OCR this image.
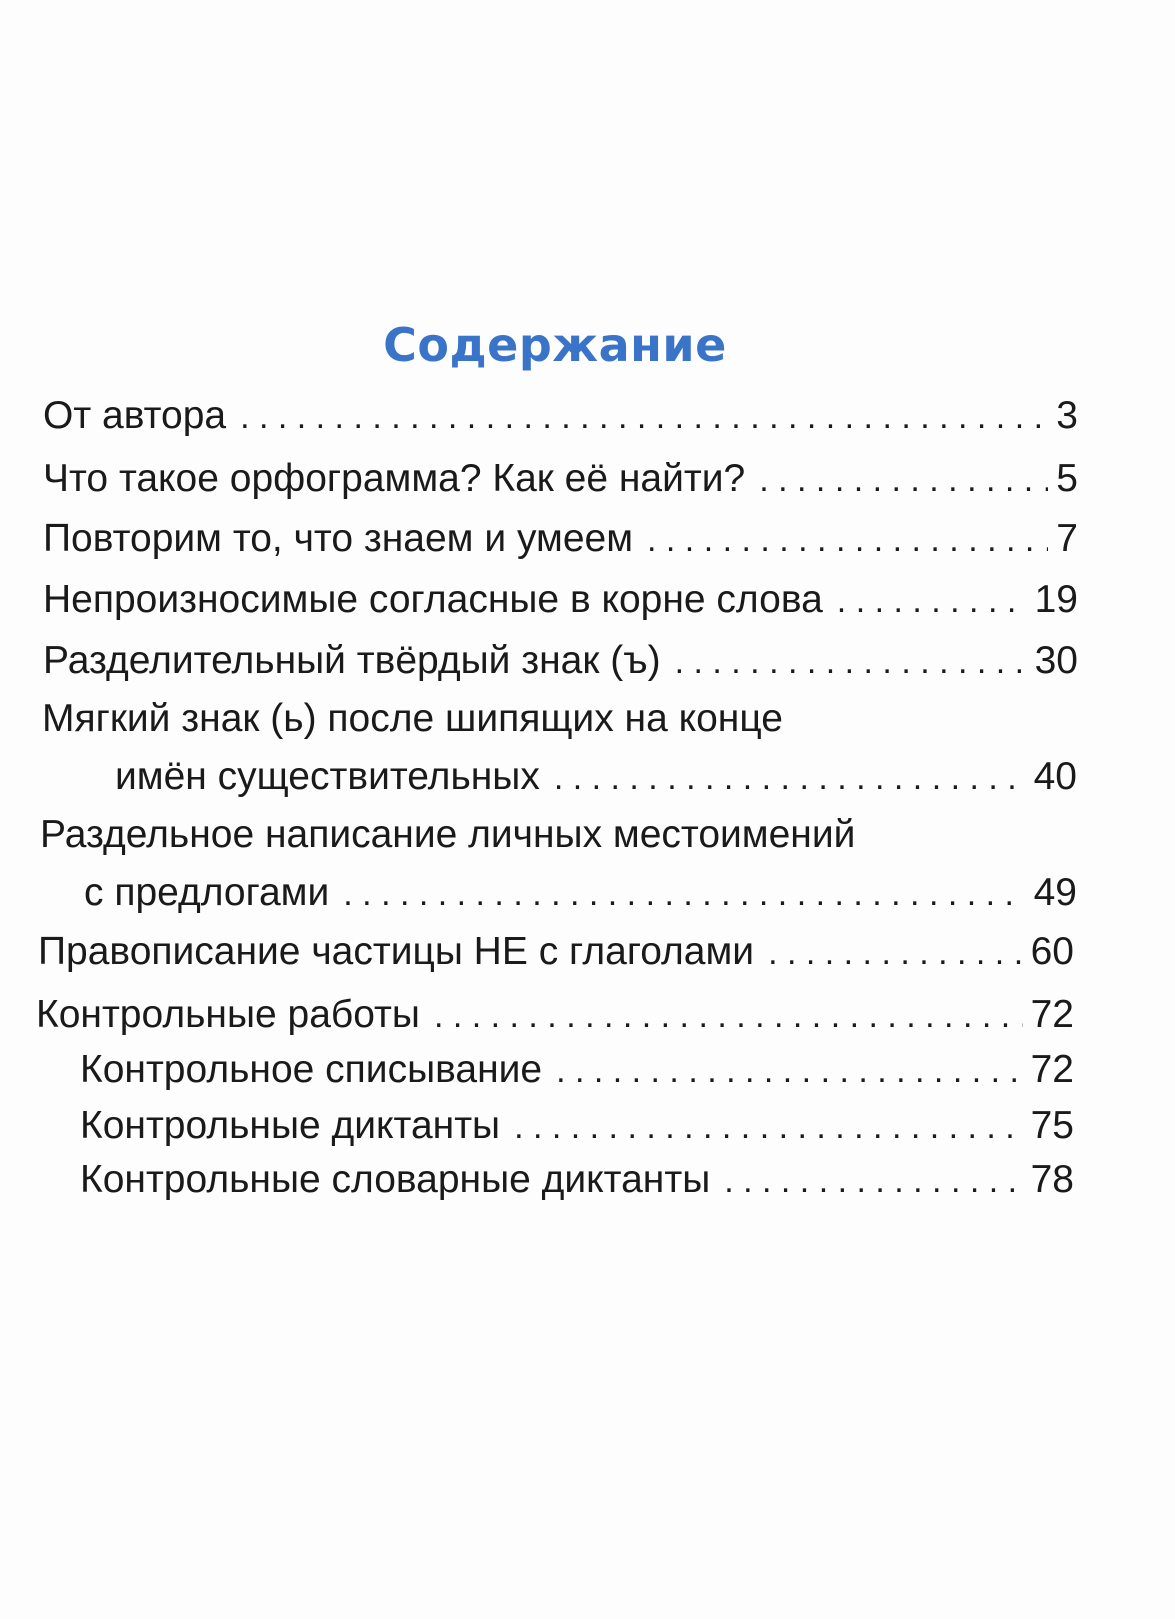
Содержание
От автора . . .	3
Что такое орфограмма? Как её найти? . . .	5
Повторим то, что знаем и умеем . . .	7
Непроизносимые согласные в корне слова . . .	19
Разделительный твёрдый знак (ъ) . . .	30
Мягкий знак (ь) после шипящих на конце
имён существительных . . .	40
Раздельное написание личных местоимений
с предлогами . . .	49
Правописание частицы НЕ с глаголами . . .	60
Контрольные работы . . .	72
Контрольное списывание . . .	72
Контрольные диктанты . . .	75
Контрольные словарные диктанты . . .	78
